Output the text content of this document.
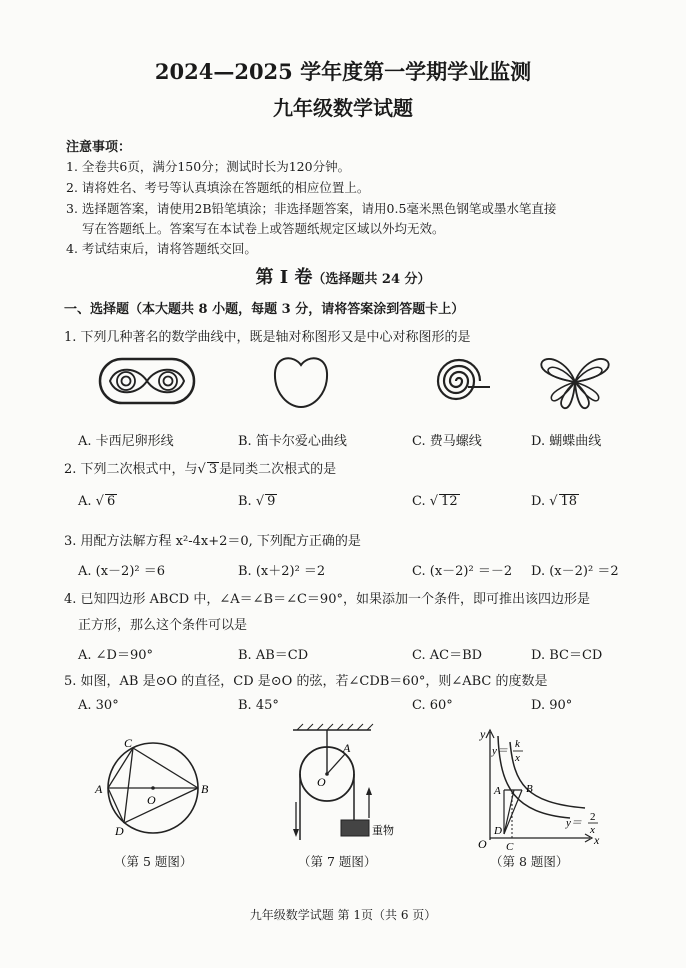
2024—2025 学年度第一学期学业监测
九年级数学试题
注意事项：
1. 全卷共6页，满分150分；测试时长为120分钟。
2. 请将姓名、考号等认真填涂在答题纸的相应位置上。
3. 选择题答案，请使用2B铅笔填涂；非选择题答案，请用0.5毫米黑色钢笔或墨水笔直接
写在答题纸上。答案写在本试卷上或答题纸规定区域以外均无效。
4. 考试结束后，请将答题纸交回。
第 I 卷（选择题共 24 分）
一、选择题（本大题共 8 小题，每题 3 分，请将答案涂到答题卡上）
1. 下列几种著名的数学曲线中，既是轴对称图形又是中心对称图形的是
A. 卡西尼卵形线	B. 笛卡尔爱心曲线	C. 费马螺线	D. 蝴蝶曲线
2. 下列二次根式中，与√ 3 是同类二次根式的是
A. √ 6	B. √ 9	C. √ 12	D. √ 18
3. 用配方法解方程 x²-4x+2＝0, 下列配方正确的是
A. (x－2)² ＝6	B. (x＋2)² ＝2	C. (x－2)² ＝－2 D. (x－2)² ＝2
4. 已知四边形 ABCD 中，∠A＝∠B＝∠C＝90°，如果添加一个条件，即可推出该四边形是
正方形，那么这个条件可以是
A. ∠D＝90°	B. AB＝CD	C. AC＝BD	D. BC＝CD
5. 如图，AB 是⊙O 的直径，CD 是⊙O 的弦，若∠CDB＝60°，则∠ABC 的度数是
A. 30°	B. 45°	C. 60°	D. 90°
C
A	B
D
O
（第 5 题图）
A
O
重物
（第 7 题图）
y
x
O
A B
C
D
y＝
k
x
y＝ 2
x
（第 8 题图）
九年级数学试题 第 1页（共 6 页）
